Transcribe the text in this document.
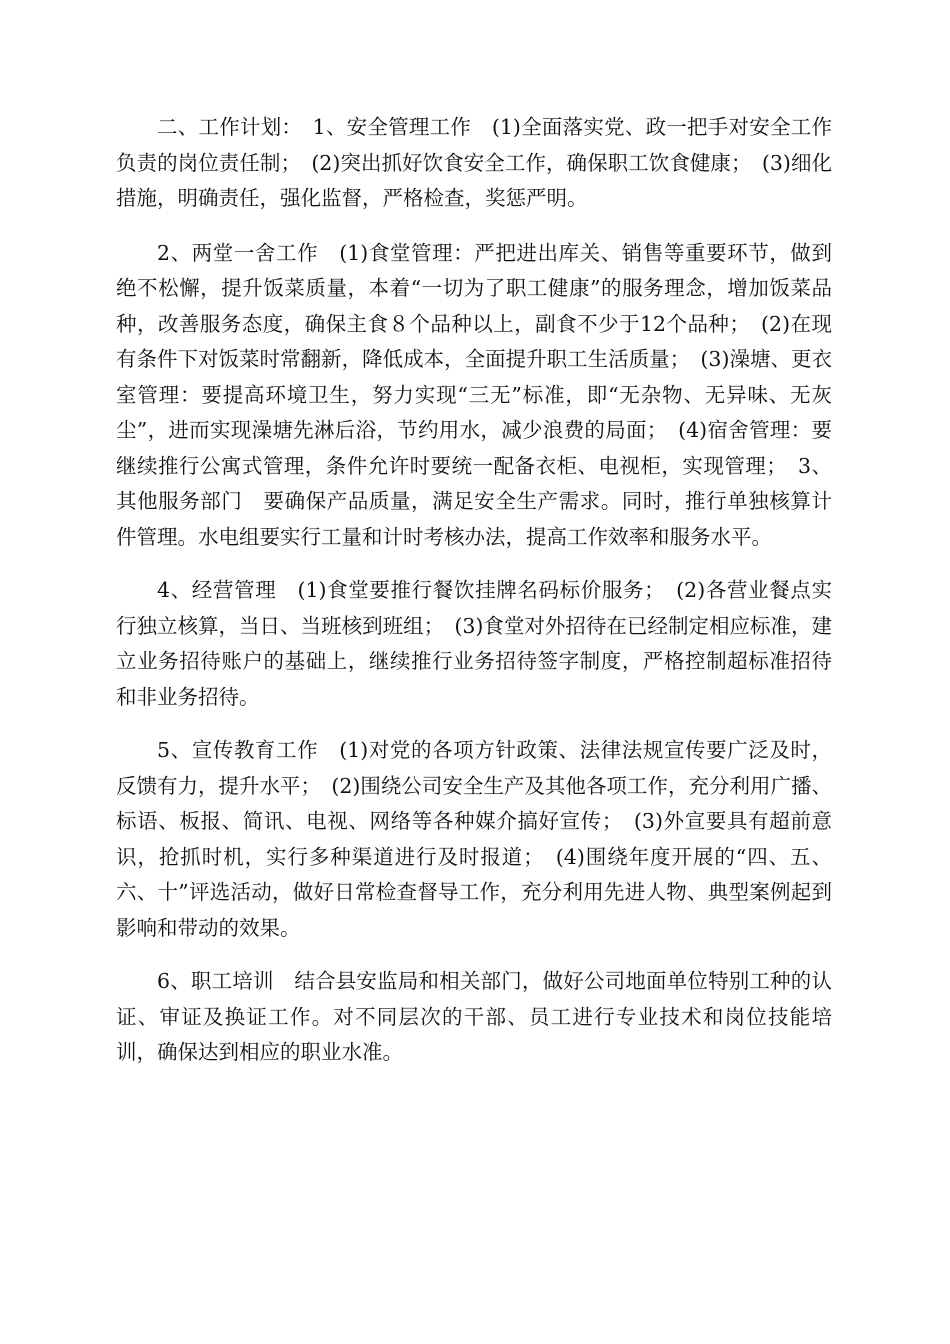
二、工作计划：　1、安全管理工作　(1)全面落实党、政一把手对安全工作负责的岗位责任制；　(2)突出抓好饮食安全工作，确保职工饮食健康；　(3)细化措施，明确责任，强化监督，严格检查，奖惩严明。

2、两堂一舍工作　(1)食堂管理：严把进出库关、销售等重要环节，做到绝不松懈，提升饭菜质量，本着“一切为了职工健康”的服务理念，增加饭菜品种，改善服务态度，确保主食８个品种以上，副食不少于12个品种；　(2)在现有条件下对饭菜时常翻新，降低成本，全面提升职工生活质量；　(3)澡塘、更衣室管理：要提高环境卫生，努力实现“三无”标准，即“无杂物、无异味、无灰尘”，进而实现澡塘先淋后浴，节约用水，减少浪费的局面；　(4)宿舍管理：要继续推行公寓式管理，条件允许时要统一配备衣柜、电视柜，实现管理；　3、其他服务部门　要确保产品质量，满足安全生产需求。同时，推行单独核算计件管理。水电组要实行工量和计时考核办法，提高工作效率和服务水平。

4、经营管理　(1)食堂要推行餐饮挂牌名码标价服务；　(2)各营业餐点实行独立核算，当日、当班核到班组；　(3)食堂对外招待在已经制定相应标准，建立业务招待账户的基础上，继续推行业务招待签字制度，严格控制超标准招待和非业务招待。

5、宣传教育工作　(1)对党的各项方针政策、法律法规宣传要广泛及时，反馈有力，提升水平；　(2)围绕公司安全生产及其他各项工作，充分利用广播、标语、板报、简讯、电视、网络等各种媒介搞好宣传；　(3)外宣要具有超前意识，抢抓时机，实行多种渠道进行及时报道；　(4)围绕年度开展的“四、五、六、十”评选活动，做好日常检查督导工作，充分利用先进人物、典型案例起到影响和带动的效果。

6、职工培训　结合县安监局和相关部门，做好公司地面单位特别工种的认证、审证及换证工作。对不同层次的干部、员工进行专业技术和岗位技能培训，确保达到相应的职业水准。
